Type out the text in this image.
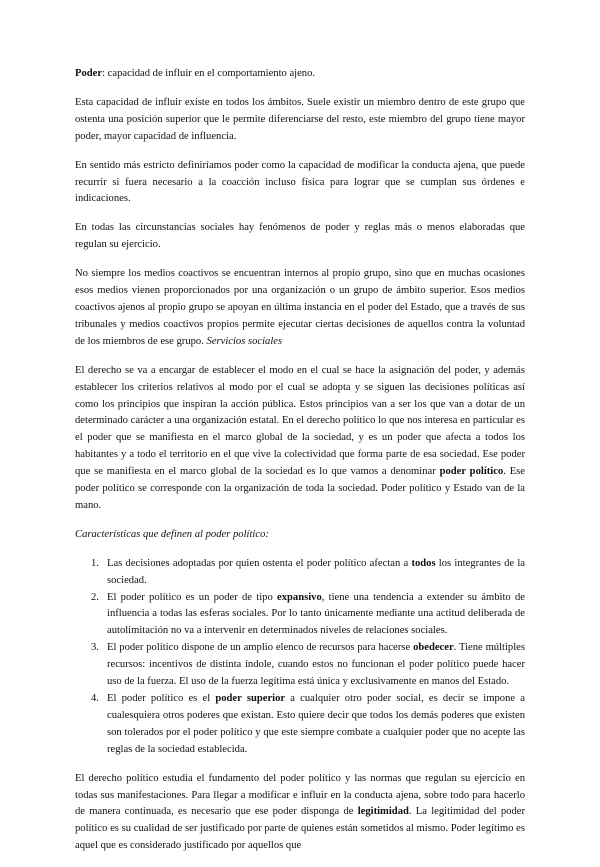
Poder: capacidad de influir en el comportamiento ajeno.

Esta capacidad de influir existe en todos los ámbitos. Suele existir un miembro dentro de este grupo que ostenta una posición superior que le permite diferenciarse del resto, este miembro del grupo tiene mayor poder, mayor capacidad de influencia.

En sentido más estricto definiríamos poder como la capacidad de modificar la conducta ajena, que puede recurrir si fuera necesario a la coacción incluso física para lograr que se cumplan sus órdenes e indicaciones.

En todas las circunstancias sociales hay fenómenos de poder y reglas más o menos elaboradas que regulan su ejercicio.

No siempre los medios coactivos se encuentran internos al propio grupo, sino que en muchas ocasiones esos medios vienen proporcionados por una organización o un grupo de ámbito superior. Esos medios coactivos ajenos al propio grupo se apoyan en última instancia en el poder del Estado, que a través de sus tribunales y medios coactivos propios permite ejecutar ciertas decisiones de aquellos contra la voluntad de los miembros de ese grupo. Servicios sociales

El derecho se va a encargar de establecer el modo en el cual se hace la asignación del poder, y además establecer los criterios relativos al modo por el cual se adopta y se siguen las decisiones políticas así como los principios que inspiran la acción pública. Estos principios van a ser los que van a dotar de un determinado carácter a una organización estatal. En el derecho político lo que nos interesa en particular es el poder que se manifiesta en el marco global de la sociedad, y es un poder que afecta a todos los habitantes y a todo el territorio en el que vive la colectividad que forma parte de esa sociedad. Ese poder que se manifiesta en el marco global de la sociedad es lo que vamos a denominar poder político. Ese poder político se corresponde con la organización de toda la sociedad. Poder político y Estado van de la mano.

Características que definen al poder político:

1. Las decisiones adoptadas por quien ostenta el poder político afectan a todos los integrantes de la sociedad.
2. El poder político es un poder de tipo expansivo, tiene una tendencia a extender su ámbito de influencia a todas las esferas sociales. Por lo tanto únicamente mediante una actitud deliberada de autolimitación no va a intervenir en determinados niveles de relaciones sociales.
3. El poder político dispone de un amplio elenco de recursos para hacerse obedecer. Tiene múltiples recursos: incentivos de distinta índole, cuando estos no funcionan el poder político puede hacer uso de la fuerza. El uso de la fuerza legítima está única y exclusivamente en manos del Estado.
4. El poder político es el poder superior a cualquier otro poder social, es decir se impone a cualesquiera otros poderes que existan. Esto quiere decir que todos los demás poderes que existen son tolerados por el poder político y que este siempre combate a cualquier poder que no acepte las reglas de la sociedad establecida.

El derecho político estudia el fundamento del poder político y las normas que regulan su ejercicio en todas sus manifestaciones. Para llegar a modificar e influir en la conducta ajena, sobre todo para hacerlo de manera continuada, es necesario que ese poder disponga de legitimidad. La legitimidad del poder político es su cualidad de ser justificado por parte de quienes están sometidos al mismo. Poder legítimo es aquel que es considerado justificado por aquellos que
